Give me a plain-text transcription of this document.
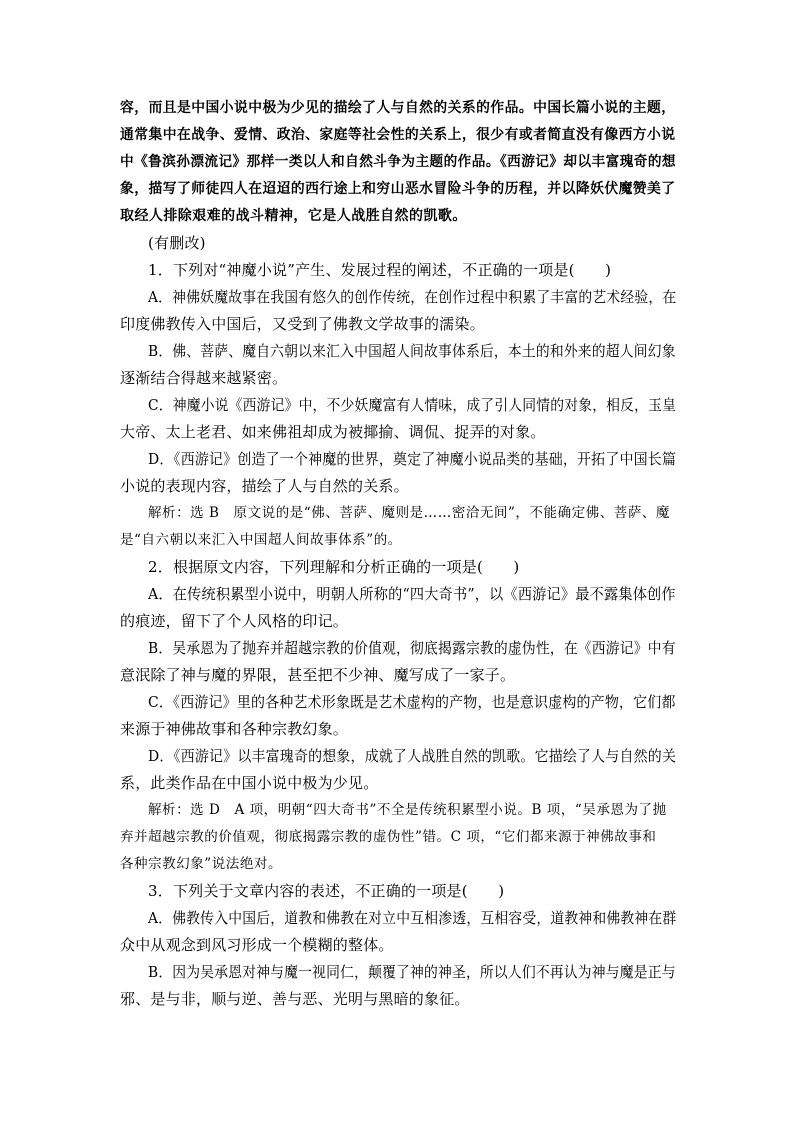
容，而且是中国小说中极为少见的描绘了人与自然的关系的作品。中国长篇小说的主题，
通常集中在战争、爱情、政治、家庭等社会性的关系上，很少有或者简直没有像西方小说
中《鲁滨孙漂流记》那样一类以人和自然斗争为主题的作品。《西游记》却以丰富瑰奇的想
象，描写了师徒四人在迢迢的西行途上和穷山恶水冒险斗争的历程，并以降妖伏魔赞美了
取经人排除艰难的战斗精神，它是人战胜自然的凯歌。
(有删改)
1．下列对“神魔小说”产生、发展过程的阐述，不正确的一项是(　　)
A．神佛妖魔故事在我国有悠久的创作传统，在创作过程中积累了丰富的艺术经验，在
印度佛教传入中国后，又受到了佛教文学故事的濡染。
B．佛、菩萨、魔自六朝以来汇入中国超人间故事体系后，本土的和外来的超人间幻象
逐渐结合得越来越紧密。
C．神魔小说《西游记》中，不少妖魔富有人情味，成了引人同情的对象，相反，玉皇
大帝、太上老君、如来佛祖却成为被揶揄、调侃、捉弄的对象。
D．《西游记》创造了一个神魔的世界，奠定了神魔小说品类的基础，开拓了中国长篇
小说的表现内容，描绘了人与自然的关系。
解析：选 B　原文说的是“佛、菩萨、魔则是……密洽无间”，不能确定佛、菩萨、魔
是“自六朝以来汇入中国超人间故事体系”的。
2．根据原文内容，下列理解和分析正确的一项是(　　)
A．在传统积累型小说中，明朝人所称的“四大奇书”，以《西游记》最不露集体创作
的痕迹，留下了个人风格的印记。
B．吴承恩为了抛弃并超越宗教的价值观，彻底揭露宗教的虚伪性，在《西游记》中有
意泯除了神与魔的界限，甚至把不少神、魔写成了一家子。
C．《西游记》里的各种艺术形象既是艺术虚构的产物，也是意识虚构的产物，它们都
来源于神佛故事和各种宗教幻象。
D．《西游记》以丰富瑰奇的想象，成就了人战胜自然的凯歌。它描绘了人与自然的关
系，此类作品在中国小说中极为少见。
解析：选 D　A 项，明朝“四大奇书”不全是传统积累型小说。B 项，“吴承恩为了抛
弃并超越宗教的价值观，彻底揭露宗教的虚伪性”错。C 项，“它们都来源于神佛故事和
各种宗教幻象”说法绝对。
3．下列关于文章内容的表述，不正确的一项是(　　)
A．佛教传入中国后，道教和佛教在对立中互相渗透，互相容受，道教神和佛教神在群
众中从观念到风习形成一个模糊的整体。
B．因为吴承恩对神与魔一视同仁，颠覆了神的神圣，所以人们不再认为神与魔是正与
邪、是与非，顺与逆、善与恶、光明与黑暗的象征。
